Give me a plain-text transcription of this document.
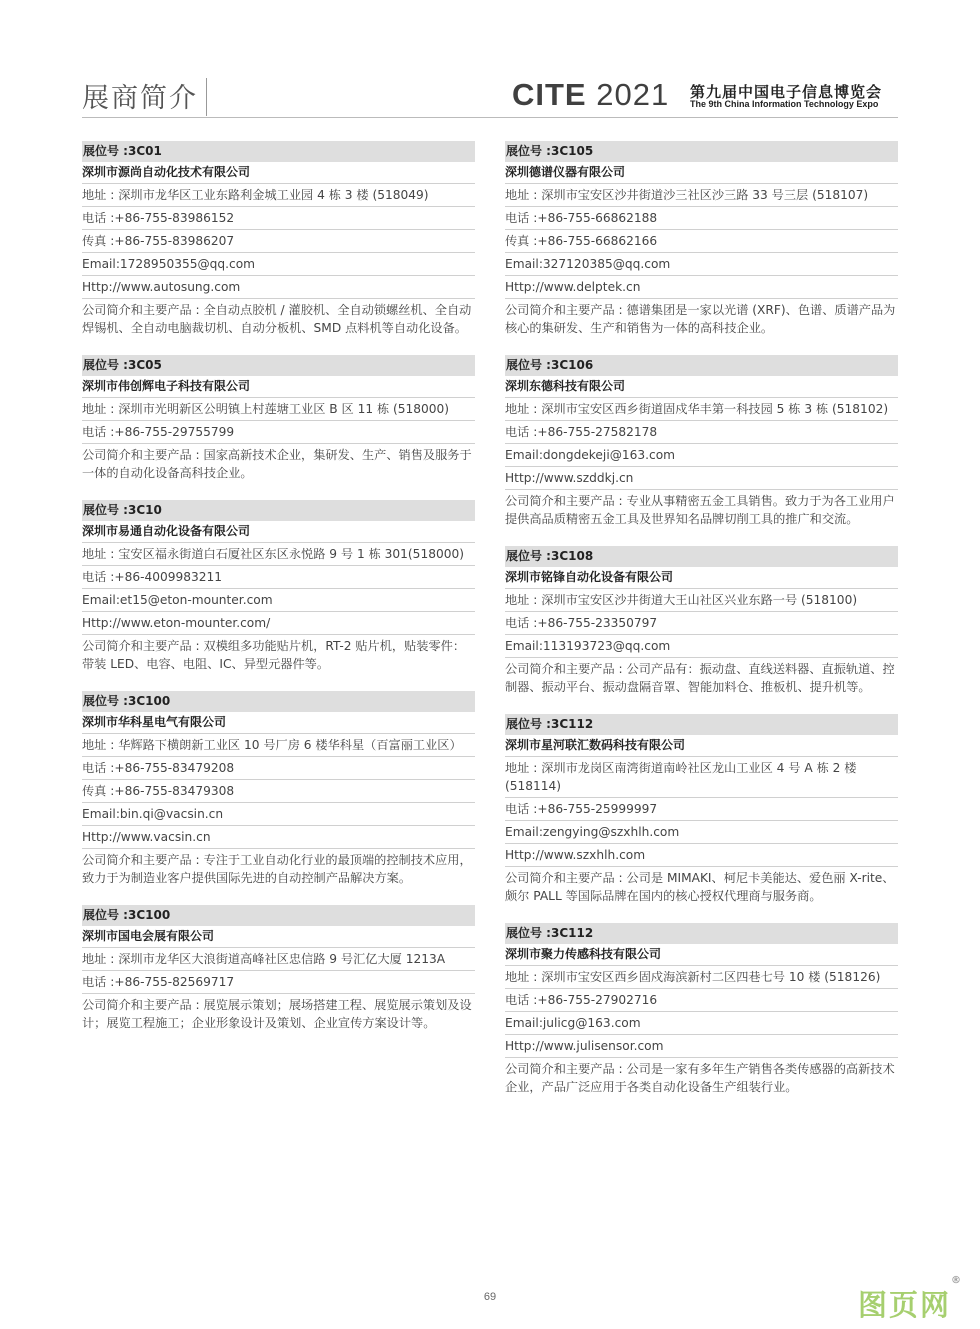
展商简介	CITE 2021 第九届中国电子信息博览会
The 9th China Information Technology Expo
展位号 :3C01
深圳市源尚自动化技术有限公司
地址 : 深圳市龙华区工业东路利金城工业园 4 栋 3 楼 (518049)
电话 :+86-755-83986152
传真 :+86-755-83986207
Email:1728950355@qq.com
Http://www.autosung.com
公司简介和主要产品 : 全自动点胶机 / 灌胶机、全自动锁螺丝机、全自动焊锡机、全自动电脑裁切机、自动分板机、SMD 点料机等自动化设备。
展位号 :3C05
深圳市伟创辉电子科技有限公司
地址 : 深圳市光明新区公明镇上村莲塘工业区 B 区 11 栋 (518000)
电话 :+86-755-29755799
公司简介和主要产品 : 国家高新技术企业，集研发、生产、销售及服务于一体的自动化设备高科技企业。
展位号 :3C10
深圳市易通自动化设备有限公司
地址 : 宝安区福永街道白石厦社区东区永悦路 9 号 1 栋 301(518000)
电话 :+86-4009983211
Email:et15@eton-mounter.com
Http://www.eton-mounter.com/
公司简介和主要产品 : 双模组多功能贴片机，RT-2 贴片机，贴装零件：带装 LED、电容、电阻、IC、异型元器件等。
展位号 :3C100
深圳市华科星电气有限公司
地址 : 华辉路下横朗新工业区 10 号厂房 6 楼华科星（百富丽工业区）
电话 :+86-755-83479208
传真 :+86-755-83479308
Email:bin.qi@vacsin.cn
Http://www.vacsin.cn
公司简介和主要产品 : 专注于工业自动化行业的最顶端的控制技术应用，致力于为制造业客户提供国际先进的自动控制产品解决方案。
展位号 :3C100
深圳市国电会展有限公司
地址 : 深圳市龙华区大浪街道高峰社区忠信路 9 号汇亿大厦 1213A
电话 :+86-755-82569717
公司简介和主要产品 : 展览展示策划；展场搭建工程、展览展示策划及设计；展览工程施工；企业形象设计及策划、企业宣传方案设计等。
展位号 :3C105
深圳德谱仪器有限公司
地址 : 深圳市宝安区沙井街道沙三社区沙三路 33 号三层 (518107)
电话 :+86-755-66862188
传真 :+86-755-66862166
Email:327120385@qq.com
Http://www.delptek.cn
公司简介和主要产品 : 德谱集团是一家以光谱 (XRF)、色谱、质谱产品为核心的集研发、生产和销售为一体的高科技企业。
展位号 :3C106
深圳东德科技有限公司
地址 : 深圳市宝安区西乡街道固戍华丰第一科技园 5 栋 3 栋 (518102)
电话 :+86-755-27582178
Email:dongdekeji@163.com
Http://www.szddkj.cn
公司简介和主要产品 : 专业从事精密五金工具销售。致力于为各工业用户提供高品质精密五金工具及世界知名品牌切削工具的推广和交流。
展位号 :3C108
深圳市铭锋自动化设备有限公司
地址 : 深圳市宝安区沙井街道大王山社区兴业东路一号 (518100)
电话 :+86-755-23350797
Email:113193723@qq.com
公司简介和主要产品 : 公司产品有：振动盘、直线送料器、直振轨道、控制器、振动平台、振动盘隔音罩、智能加料仓、推板机、提升机等。
展位号 :3C112
深圳市星河联汇数码科技有限公司
地址 : 深圳市龙岗区南湾街道南岭社区龙山工业区 4 号 A 栋 2 楼 (518114)
电话 :+86-755-25999997
Email:zengying@szxhlh.com
Http://www.szxhlh.com
公司简介和主要产品 : 公司是 MIMAKI、柯尼卡美能达、爱色丽 X-rite、颇尔 PALL 等国际品牌在国内的核心授权代理商与服务商。
展位号 :3C112
深圳市聚力传感科技有限公司
地址 : 深圳市宝安区西乡固戍海滨新村二区四巷七号 10 楼 (518126)
电话 :+86-755-27902716
Email:julicg@163.com
Http://www.julisensor.com
公司简介和主要产品 : 公司是一家有多年生产销售各类传感器的高新技术企业，产品广泛应用于各类自动化设备生产组装行业。
69	图页网
®
